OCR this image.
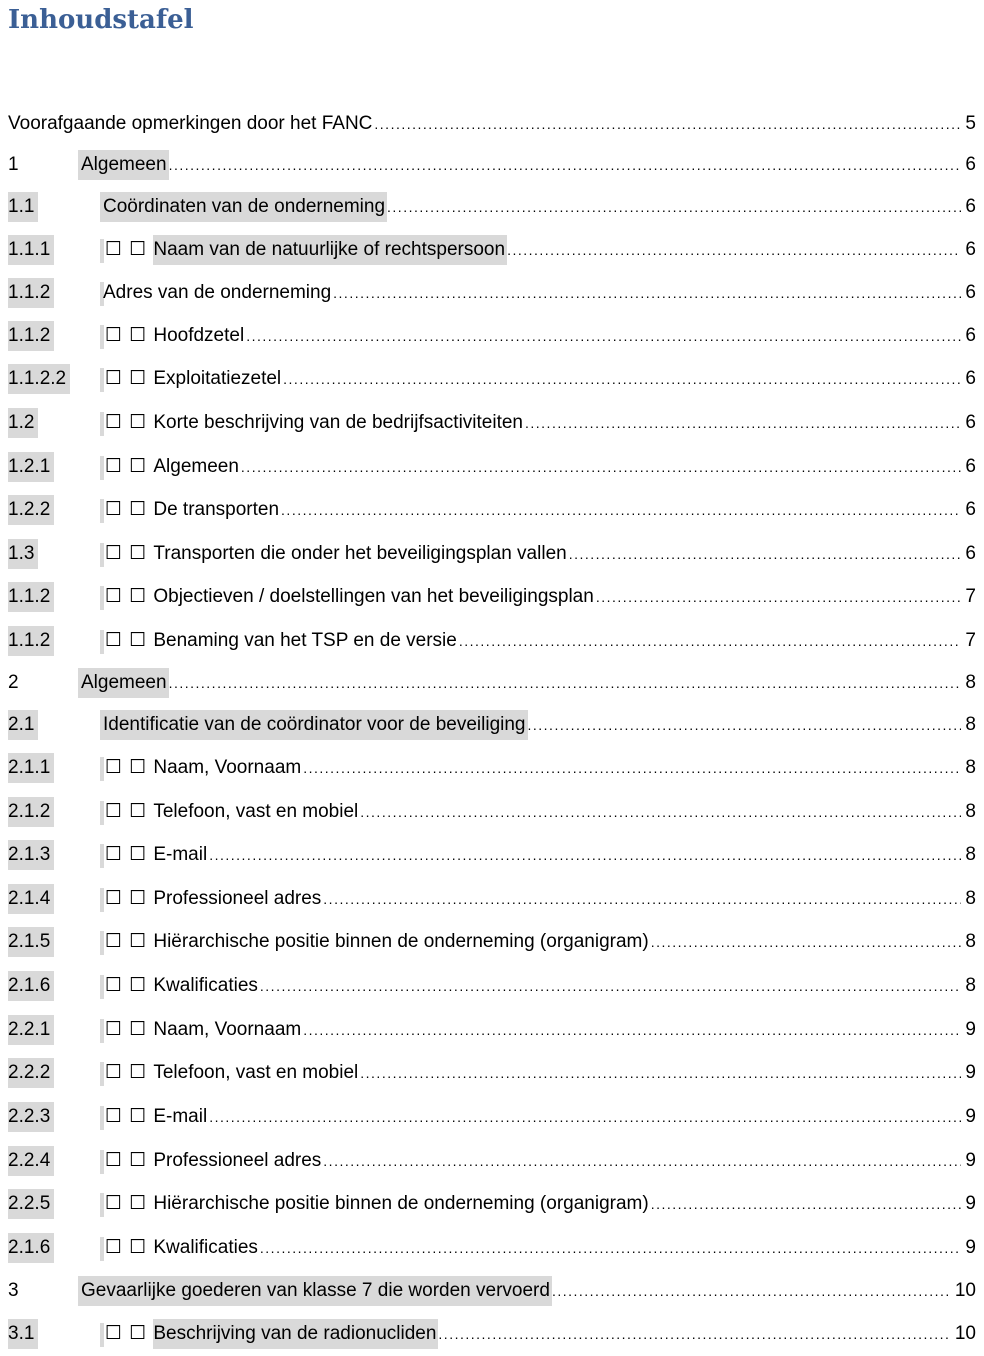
Inhoudstafel
Voorafgaande opmerkingen door het FANC .....	5
1	Algemeen .....	6
1.1	Coördinaten van de onderneming .....	6
1.1.1	☐ ☐ Naam van de natuurlijke of rechtspersoon .....	6
1.1.2	Adres van de onderneming .....	6
1.1.2	☐ ☐ Hoofdzetel .....	6
1.1.2.2 ☐ ☐ Exploitatiezetel .....	6
1.2	☐ ☐ Korte beschrijving van de bedrijfsactiviteiten .....	6
1.2.1	☐ ☐ Algemeen .....	6
1.2.2	☐ ☐ De transporten .....	6
1.3	☐ ☐ Transporten die onder het beveiligingsplan vallen .....	6
1.1.2	☐ ☐ Objectieven / doelstellingen van het beveiligingsplan .....	7
1.1.2	☐ ☐ Benaming van het TSP en de versie .....	7
2	Algemeen .....	8
2.1	Identificatie van de coördinator voor de beveiliging .....	8
2.1.1	☐ ☐ Naam, Voornaam .....	8
2.1.2	☐ ☐ Telefoon, vast en mobiel .....	8
2.1.3	☐ ☐ E-mail .....	8
2.1.4	☐ ☐ Professioneel adres .....	8
2.1.5	☐ ☐ Hiërarchische positie binnen de onderneming (organigram) .....	8
2.1.6	☐ ☐ Kwalificaties .....	8
2.2.1	☐ ☐ Naam, Voornaam .....	9
2.2.2	☐ ☐ Telefoon, vast en mobiel .....	9
2.2.3	☐ ☐ E-mail .....	9
2.2.4	☐ ☐ Professioneel adres .....	9
2.2.5	☐ ☐ Hiërarchische positie binnen de onderneming (organigram) .....	9
2.1.6	☐ ☐ Kwalificaties .....	9
3	Gevaarlijke goederen van klasse 7 die worden vervoerd .....	10
3.1	☐ ☐ Beschrijving van de radionucliden .....	10
